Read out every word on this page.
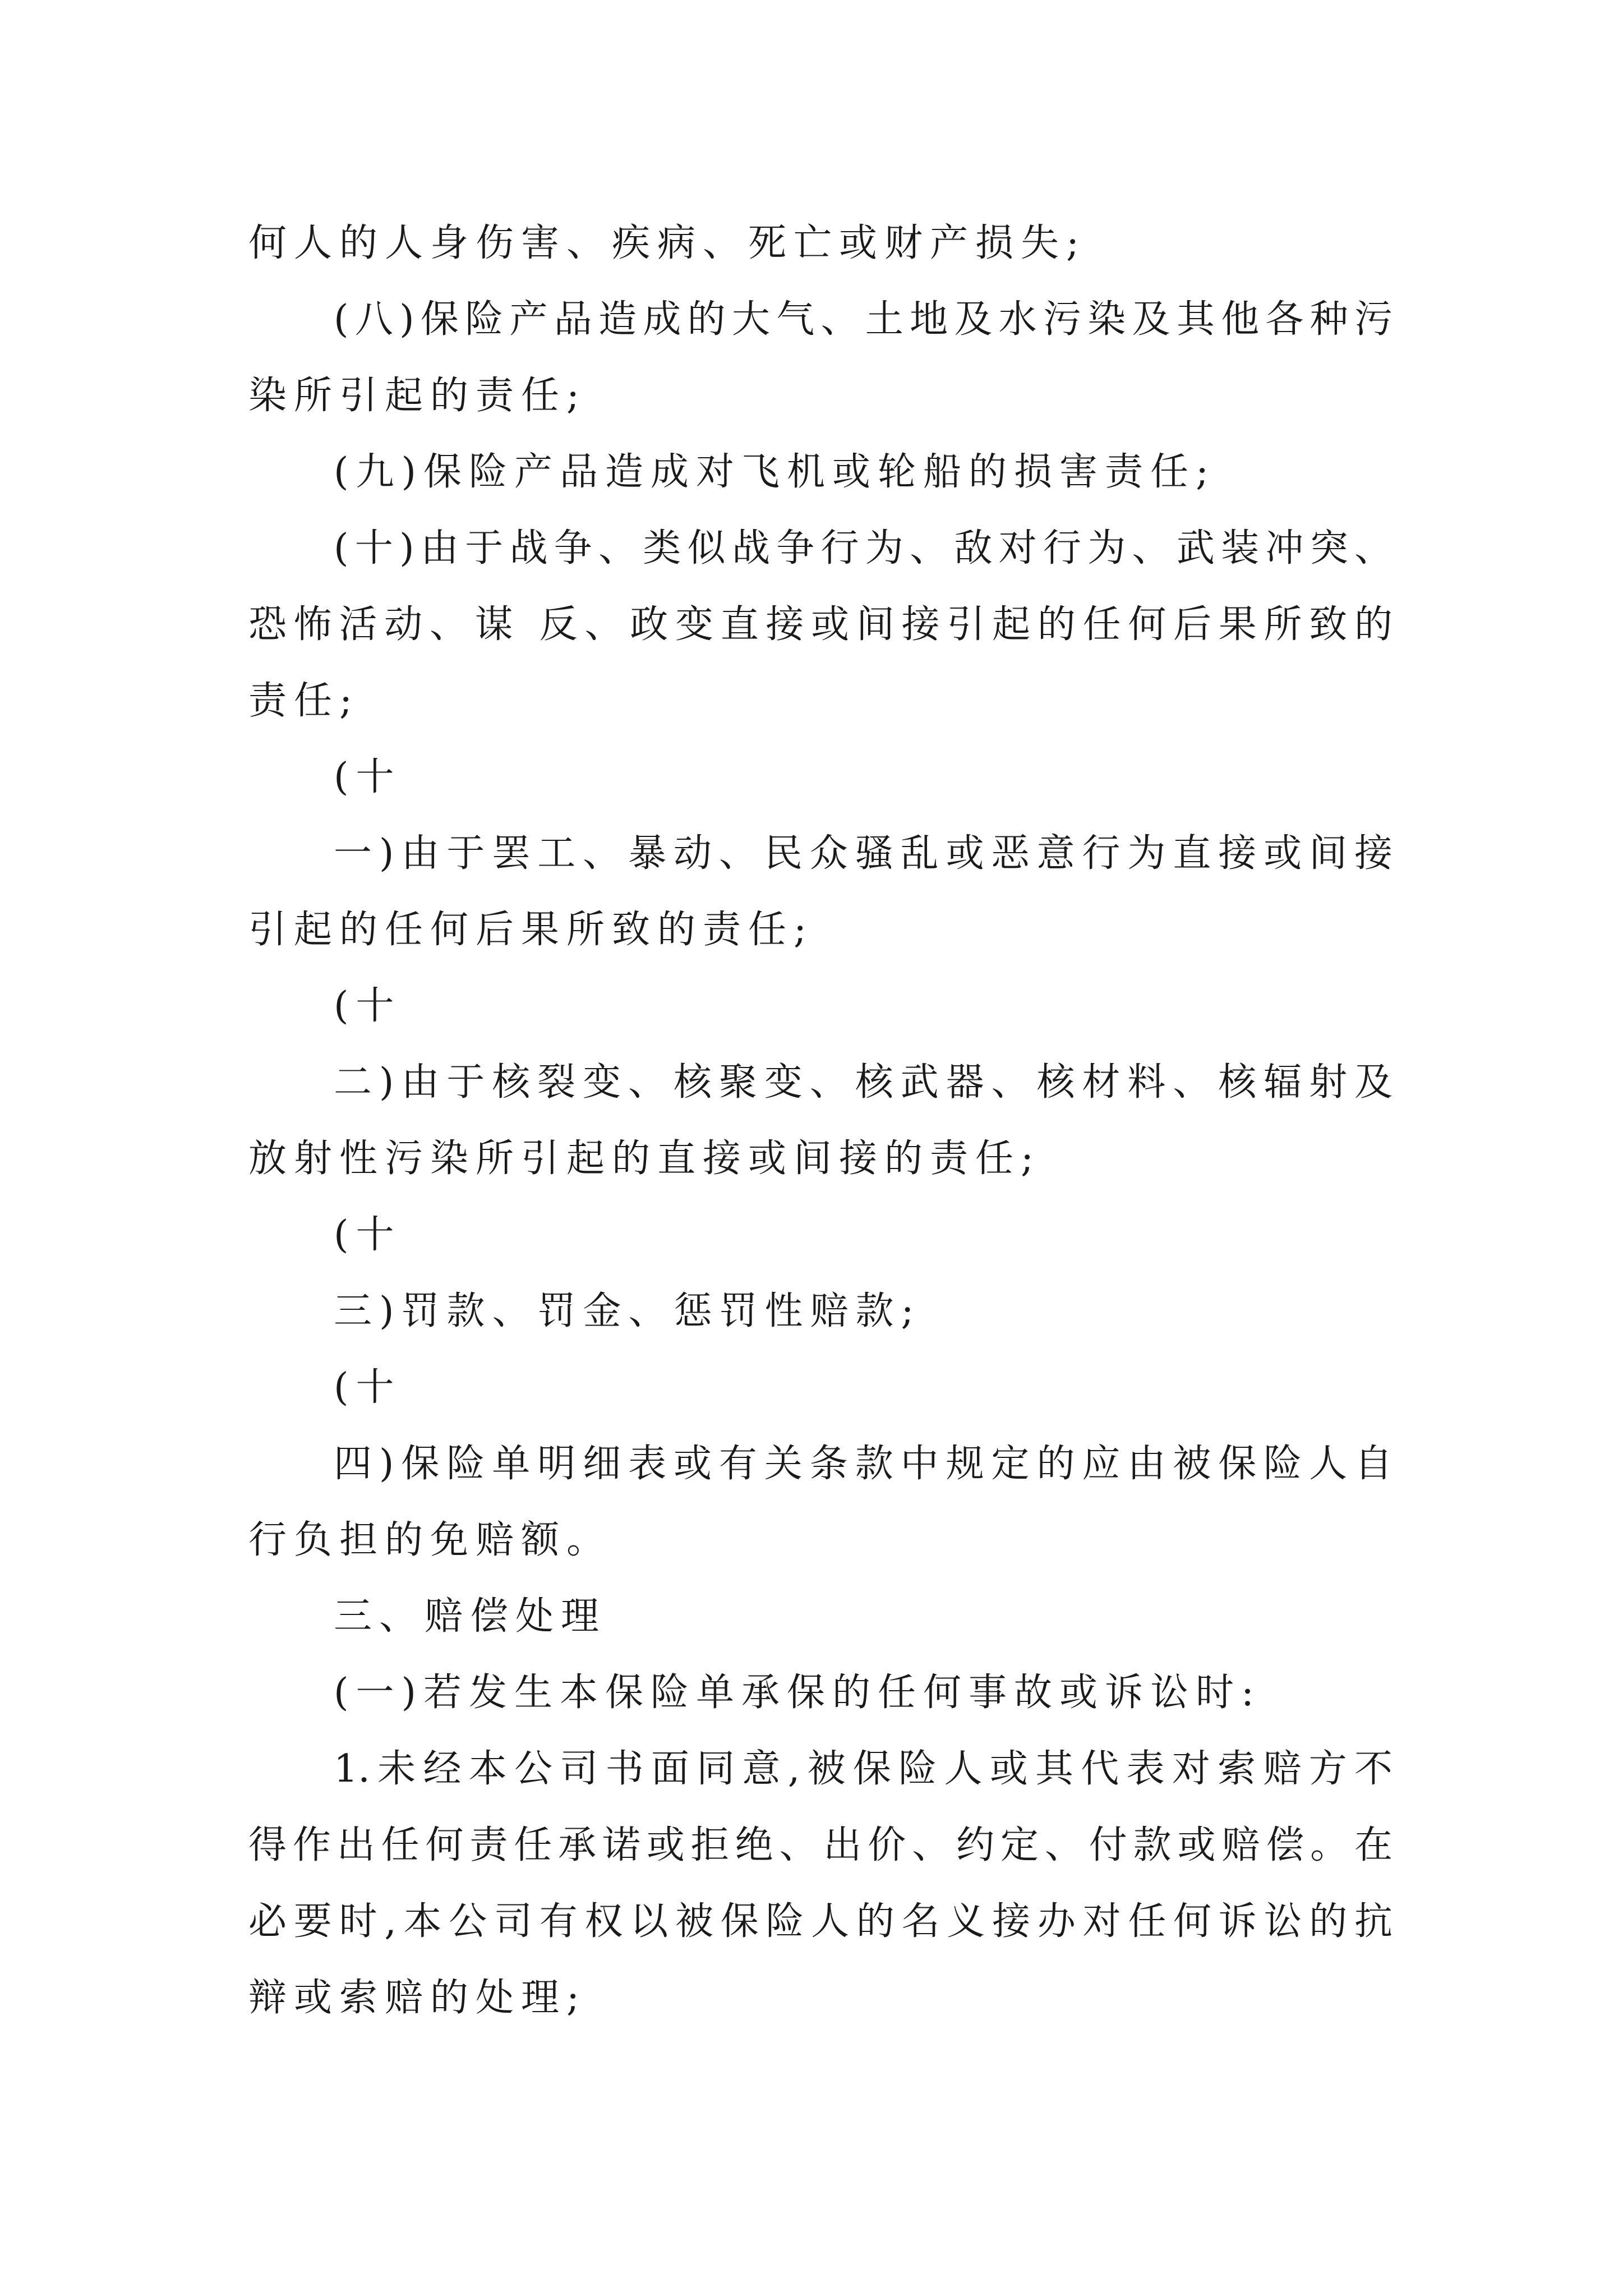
何人的人身伤害、疾病、死亡或财产损失;
(八)保险产品造成的大气、土地及水污染及其他各种污
染所引起的责任;
(九)保险产品造成对飞机或轮船的损害责任;
(十)由于战争、类似战争行为、敌对行为、武装冲突、
恐怖活动、谋 反、政变直接或间接引起的任何后果所致的
责任;
(十
一)由于罢工、暴动、民众骚乱或恶意行为直接或间接
引起的任何后果所致的责任;
(十
二)由于核裂变、核聚变、核武器、核材料、核辐射及
放射性污染所引起的直接或间接的责任;
(十
三)罚款、罚金、惩罚性赔款;
(十
四)保险单明细表或有关条款中规定的应由被保险人自
行负担的免赔额。
三、赔偿处理
(一)若发生本保险单承保的任何事故或诉讼时:
1.未经本公司书面同意,被保险人或其代表对索赔方不
得作出任何责任承诺或拒绝、出价、约定、付款或赔偿。在
必要时,本公司有权以被保险人的名义接办对任何诉讼的抗
辩或索赔的处理;
